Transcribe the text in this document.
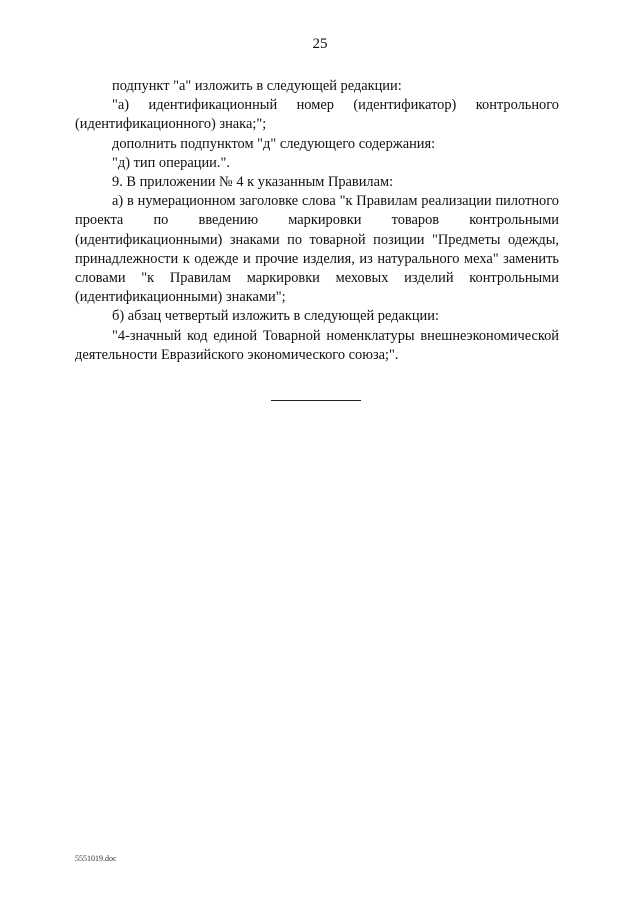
25

подпункт "а" изложить в следующей редакции:

"а) идентификационный номер (идентификатор) контрольного (идентификационного) знака;";

дополнить подпунктом "д" следующего содержания:

"д) тип операции.".

9. В приложении № 4 к указанным Правилам:

а) в нумерационном заголовке слова "к Правилам реализации пилотного проекта по введению маркировки товаров контрольными (идентификационными) знаками по товарной позиции "Предметы одежды, принадлежности к одежде и прочие изделия, из натурального меха" заменить словами "к Правилам маркировки меховых изделий контрольными (идентификационными) знаками";

б) абзац четвертый изложить в следующей редакции:

"4-значный код единой Товарной номенклатуры внешнеэкономической деятельности Евразийского экономического союза;".

5551019.doc
